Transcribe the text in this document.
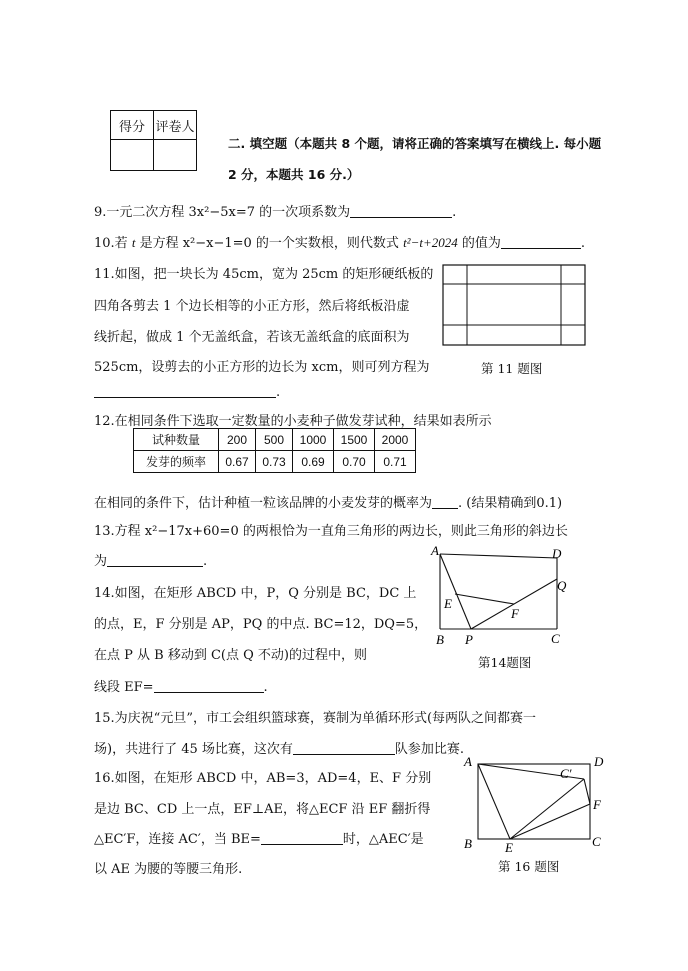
得分	评卷人

二. 填空题（本题共 8 个题，请将正确的答案填写在横线上. 每小题
2 分，本题共 16 分.）
9.一元二次方程 3x²−5x=7 的一次项系数为	.
10.若 t 是方程 x²−x−1=0 的一个实数根，则代数式 t²−t+2024 的值为	.
11.如图，把一块长为 45cm，宽为 25cm 的矩形硬纸板的
四角各剪去 1 个边长相等的小正方形，然后将纸板沿虚
线折起，做成 1 个无盖纸盒，若该无盖纸盒的底面积为
525cm，设剪去的小正方形的边长为 xcm，则可列方程为
.
第 11 题图
12.在相同条件下选取一定数量的小麦种子做发芽试种，结果如表所示
试种数量	200	500	1000	1500	2000
发芽的频率	0.67	0.73	0.69	0.70	0.71
在相同的条件下，估计种植一粒该品牌的小麦发芽的概率为 . (结果精确到0.1)
13.方程 x²−17x+60=0 的两根恰为一直角三角形的两边长，则此三角形的斜边长
为	.
14.如图，在矩形 ABCD 中，P，Q 分别是 BC，DC 上
的点，E，F 分别是 AP，PQ 的中点. BC=12，DQ=5，
在点 P 从 B 移动到 C(点 Q 不动)的过程中，则
线段 EF=	.
A	D
B	C
E
F
P
Q
第14题图
15.为庆祝“元旦”，市工会组织篮球赛，赛制为单循环形式(每两队之间都赛一
场)，共进行了 45 场比赛，这次有	队参加比赛.
16.如图，在矩形 ABCD 中，AB=3，AD=4，E、F 分别
是边 BC、CD 上一点，EF⊥AE，将△ECF 沿 EF 翻折得
△EC′F，连接 AC′，当 BE=	时，△AEC′是
以 AE 为腰的等腰三角形.
A	D
B	C
E
F
C′
第 16 题图
